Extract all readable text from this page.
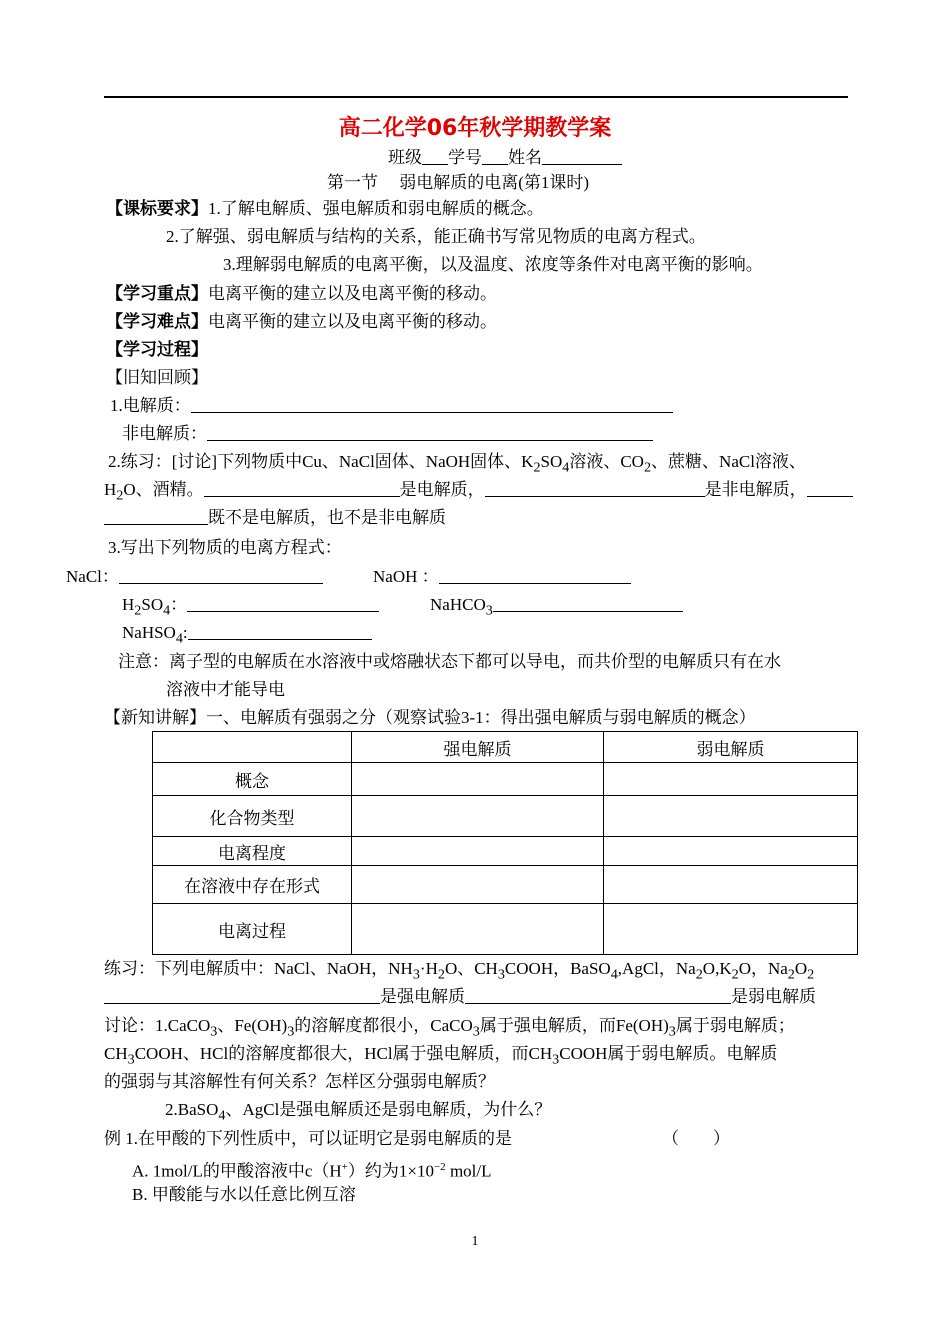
高二化学06年秋学期教学案
班级 学号 姓名
第一节　 弱电解质的电离(第1课时)
【课标要求】1.了解电解质、强电解质和弱电解质的概念。
2.了解强、弱电解质与结构的关系，能正确书写常见物质的电离方程式。
3.理解弱电解质的电离平衡，以及温度、浓度等条件对电离平衡的影响。
【学习重点】电离平衡的建立以及电离平衡的移动。
【学习难点】电离平衡的建立以及电离平衡的移动。
【学习过程】
【旧知回顾】
1.电解质：
非电解质：
2.练习：[讨论]下列物质中Cu、NaCl固体、NaOH固体、$K_2SO_4$溶液、$CO_2$、蔗糖、NaCl溶液、
$H_2O$、酒精。	是电解质，	是非电解质，
既不是电解质，也不是非电解质
3.写出下列物质的电离方程式：
NaCl：	NaOH ：
$H_2SO_4$：	NaHCO$_3$
NaHSO$_4$:
注意：离子型的电解质在水溶液中或熔融状态下都可以导电，而共价型的电解质只有在水
溶液中才能导电
【新知讲解】一、电解质有强弱之分（观察试验3-1：得出强电解质与弱电解质的概念）
	强电解质	弱电解质
概念		
化合物类型		
电离程度		
在溶液中存在形式		
电离过程		
练习：下列电解质中：NaCl、NaOH，$NH_3\cdot H_2O$、$CH_3COOH$，BaSO$_4$,AgCl，$Na_2O,K_2O$，$Na_2O_2$
是强电解质	是弱电解质
讨论：1.CaCO$_3$、$Fe(OH)_3$的溶解度都很小，CaCO$_3$属于强电解质，而$Fe(OH)_3$属于弱电解质；
$CH_3COOH$、HCl的溶解度都很大，HCl属于强电解质，而$CH_3COOH$属于弱电解质。电解质
的强弱与其溶解性有何关系？怎样区分强弱电解质？
2.BaSO$_4$、AgCl是强电解质还是弱电解质，为什么？
例 1.在甲酸的下列性质中，可以证明它是弱电解质的是	（　　）
A. 1mol/L的甲酸溶液中c（H+）约为$1\times 10^{-2}$ mol/L
B. 甲酸能与水以任意比例互溶
1
